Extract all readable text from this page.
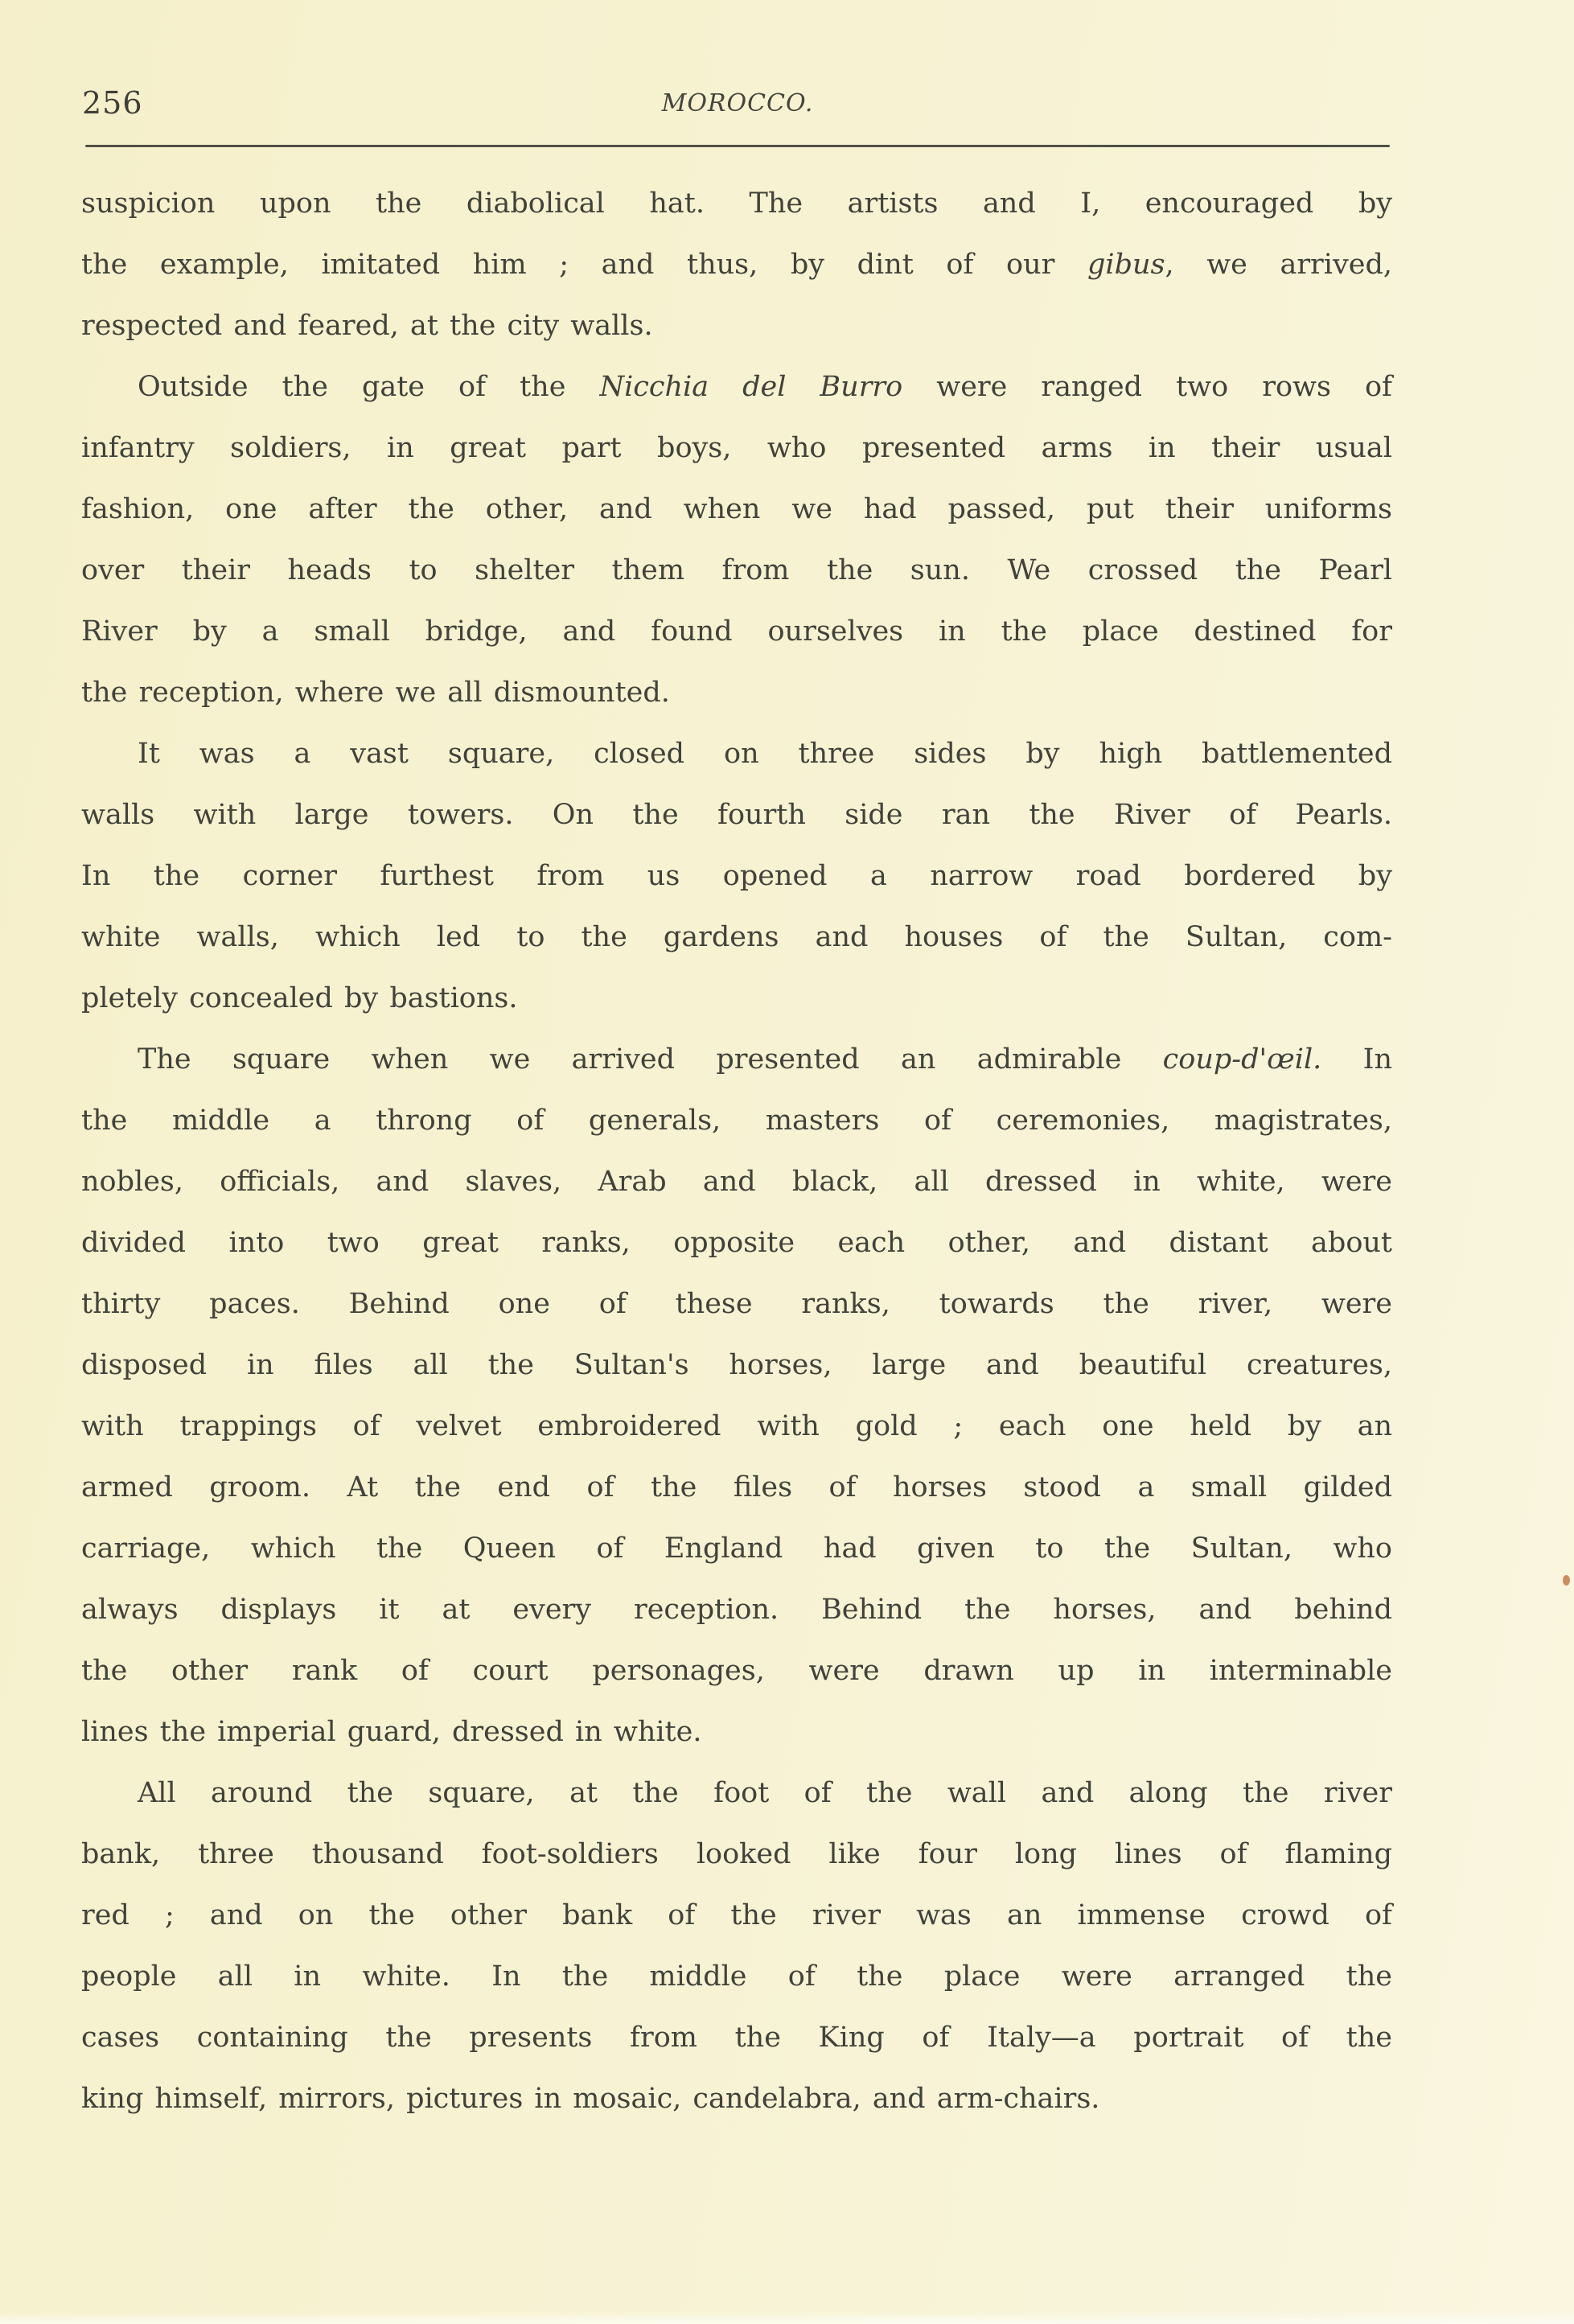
256	MOROCCO.

suspicion upon the diabolical hat. The artists and I, encouraged by
the example, imitated him ; and thus, by dint of our gibus, we arrived,
respected and feared, at the city walls.

Outside the gate of the Nicchia del Burro were ranged two rows of
infantry soldiers, in great part boys, who presented arms in their usual
fashion, one after the other, and when we had passed, put their uniforms
over their heads to shelter them from the sun. We crossed the Pearl
River by a small bridge, and found ourselves in the place destined for
the reception, where we all dismounted.

It was a vast square, closed on three sides by high battlemented
walls with large towers. On the fourth side ran the River of Pearls.
In the corner furthest from us opened a narrow road bordered by
white walls, which led to the gardens and houses of the Sultan, com-
pletely concealed by bastions.

The square when we arrived presented an admirable coup-d'œil. In
the middle a throng of generals, masters of ceremonies, magistrates,
nobles, officials, and slaves, Arab and black, all dressed in white, were
divided into two great ranks, opposite each other, and distant about
thirty paces. Behind one of these ranks, towards the river, were
disposed in files all the Sultan's horses, large and beautiful creatures,
with trappings of velvet embroidered with gold ; each one held by an
armed groom. At the end of the files of horses stood a small gilded
carriage, which the Queen of England had given to the Sultan, who
always displays it at every reception. Behind the horses, and behind
the other rank of court personages, were drawn up in interminable
lines the imperial guard, dressed in white.

All around the square, at the foot of the wall and along the river
bank, three thousand foot-soldiers looked like four long lines of flaming
red ; and on the other bank of the river was an immense crowd of
people all in white. In the middle of the place were arranged the
cases containing the presents from the King of Italy—a portrait of the
king himself, mirrors, pictures in mosaic, candelabra, and arm-chairs.
